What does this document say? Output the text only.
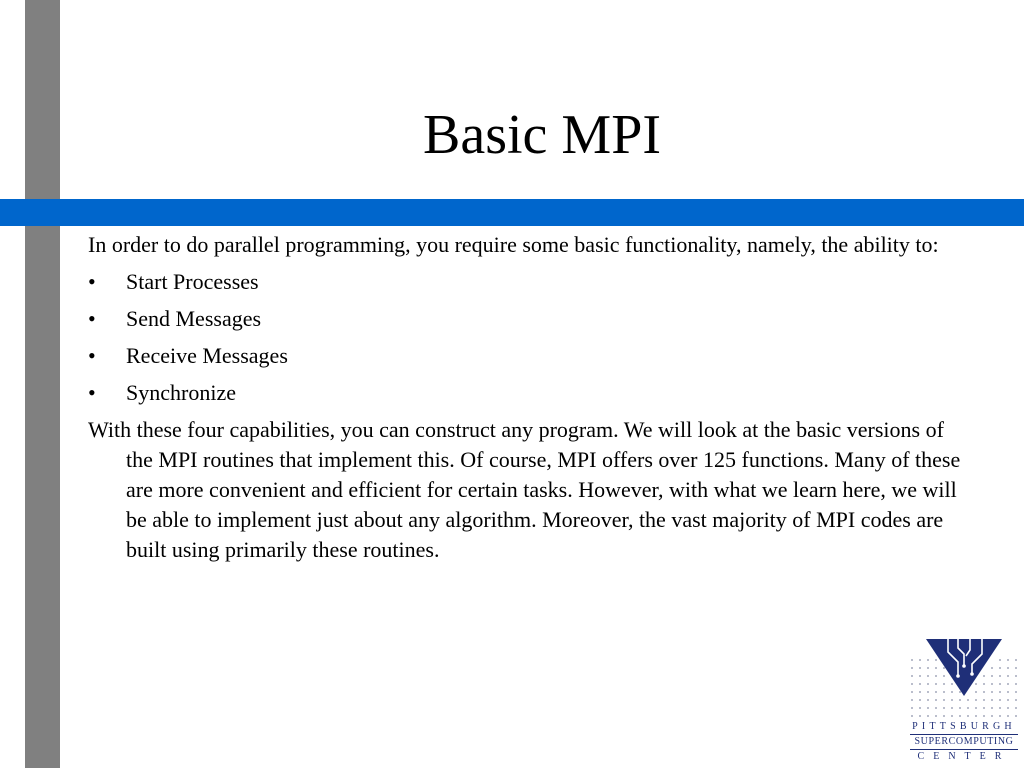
Basic MPI

In order to do parallel programming, you require some basic functionality, namely, the ability to:

•	Start Processes
•	Send Messages
•	Receive Messages
•	Synchronize

With these four capabilities, you can construct any program. We will look at the basic versions of the MPI routines that implement this. Of course, MPI offers over 125 functions. Many of these are more convenient and efficient for certain tasks. However, with what we learn here, we will be able to implement just about any algorithm. Moreover, the vast majority of MPI codes are built using primarily these routines.

PITTSBURGH
SUPERCOMPUTING
CENTER
